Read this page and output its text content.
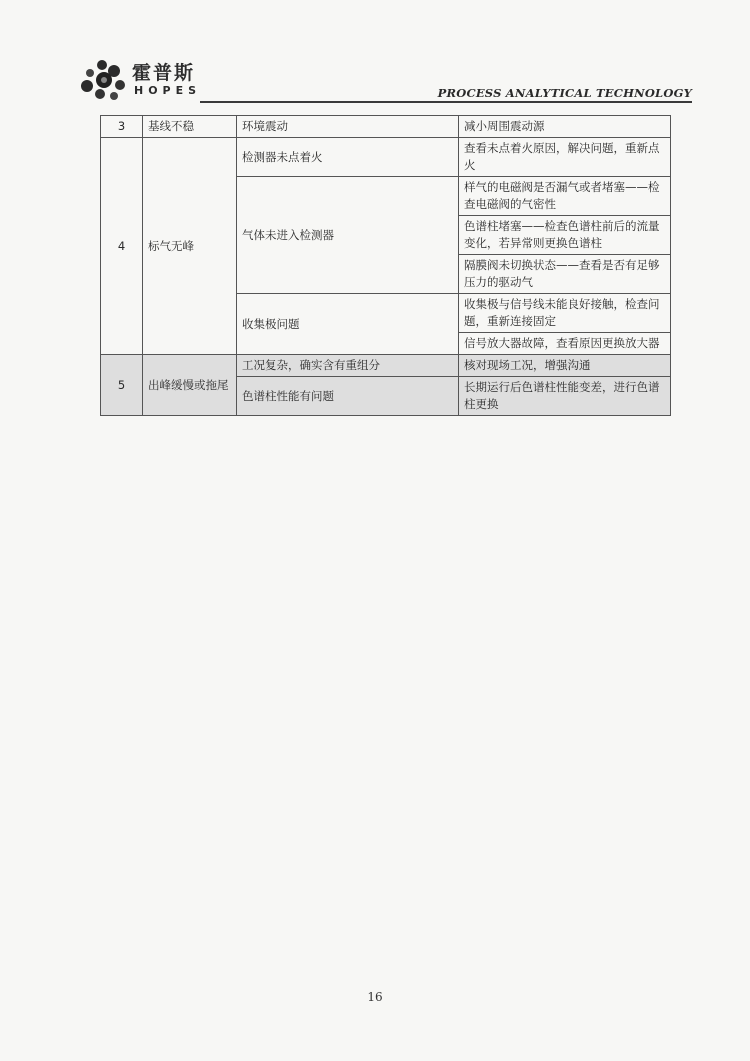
霍普斯
HOPES	PROCESS ANALYTICAL TECHNOLOGY
3	基线不稳	环境震动	减小周围震动源
4	标气无峰	检测器未点着火	查看未点着火原因，解决问题，重新点火
		气体未进入检测器	样气的电磁阀是否漏气或者堵塞——检查电磁阀的气密性
			色谱柱堵塞——检查色谱柱前后的流量变化，若异常则更换色谱柱
			隔膜阀未切换状态——查看是否有足够压力的驱动气
		收集极问题	收集极与信号线未能良好接触，检查问题，重新连接固定
			信号放大器故障，查看原因更换放大器
5	出峰缓慢或拖尾	工况复杂，确实含有重组分	核对现场工况，增强沟通
		色谱柱性能有问题	长期运行后色谱柱性能变差，进行色谱柱更换
16
